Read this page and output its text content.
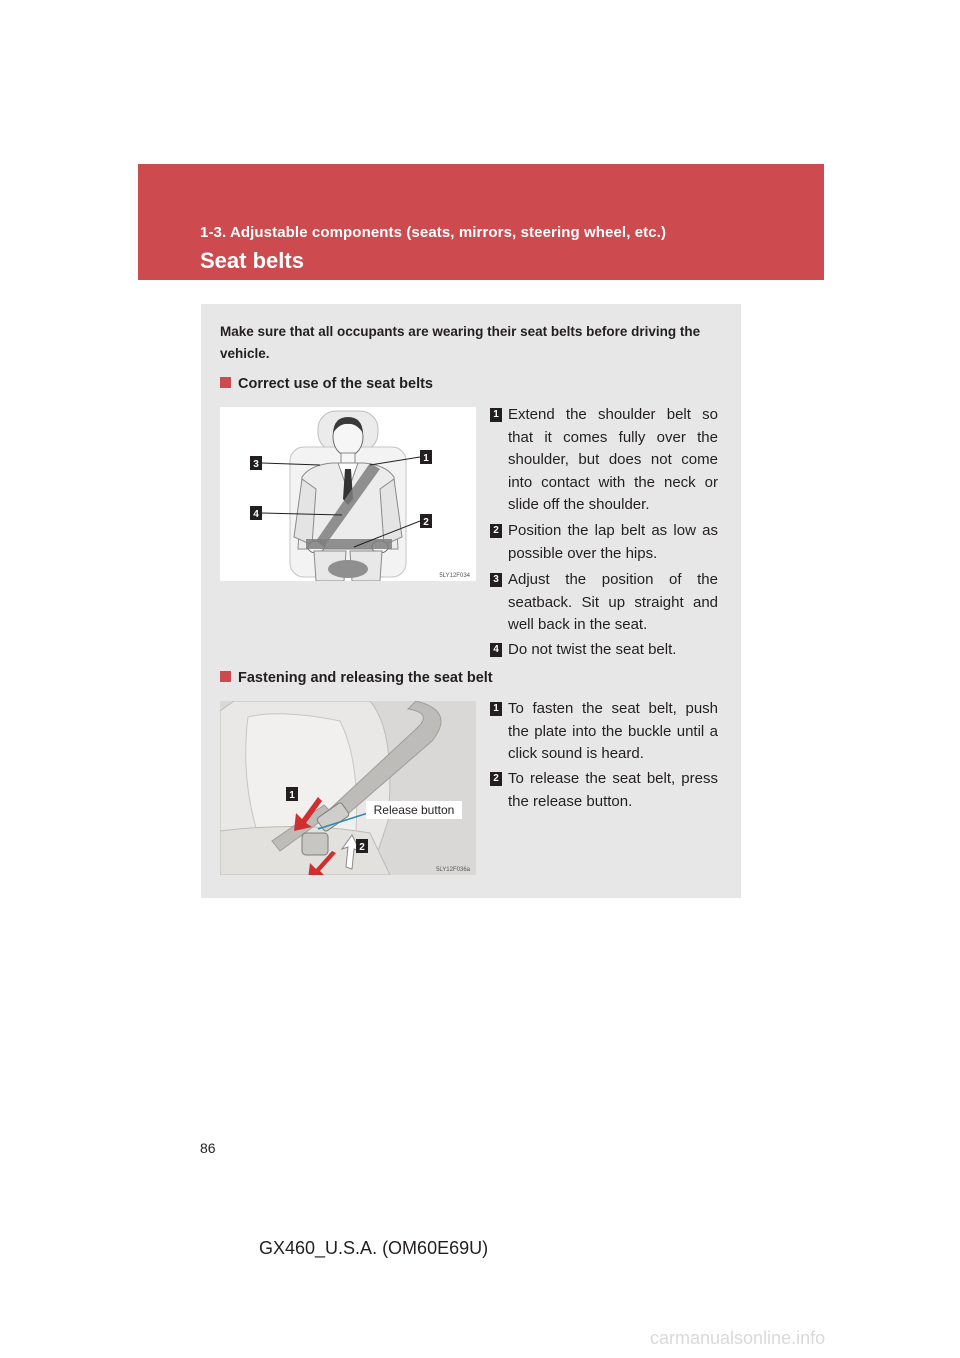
1-3. Adjustable components (seats, mirrors, steering wheel, etc.)
Seat belts
Make sure that all occupants are wearing their seat belts before driving the vehicle.
Correct use of the seat belts
3
1
4
2
5LY12F034
1 Extend the shoulder belt so that it comes fully over the shoulder, but does not come into contact with the neck or slide off the shoulder.
2 Position the lap belt as low as possible over the hips.
3 Adjust the position of the seatback. Sit up straight and well back in the seat.
4 Do not twist the seat belt.
Fastening and releasing the seat belt
1
2
Release button
5LY12F036a
1 To fasten the seat belt, push the plate into the buckle until a click sound is heard.
2 To release the seat belt, press the release button.
86
GX460_U.S.A. (OM60E69U)
carmanualsonline.info
